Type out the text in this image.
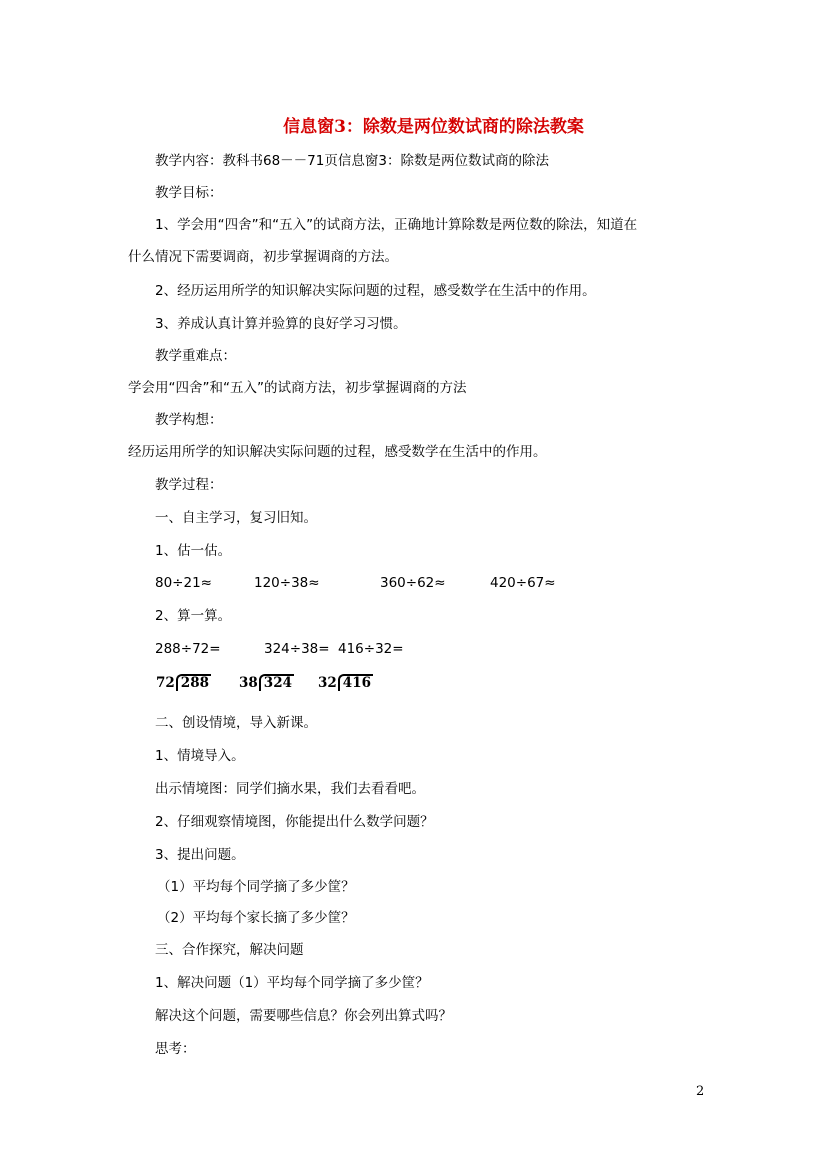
信息窗3：除数是两位数试商的除法教案
教学内容：教科书68－－71页信息窗3：除数是两位数试商的除法
教学目标：
1、学会用“四舍”和“五入”的试商方法，正确地计算除数是两位数的除法，知道在
什么情况下需要调商，初步掌握调商的方法。
2、经历运用所学的知识解决实际问题的过程，感受数学在生活中的作用。
3、养成认真计算并验算的良好学习习惯。
教学重难点：
学会用“四舍”和“五入”的试商方法，初步掌握调商的方法
教学构想：
经历运用所学的知识解决实际问题的过程，感受数学在生活中的作用。
教学过程：
一、自主学习，复习旧知。
1、估一估。
80÷21≈	120÷38≈	360÷62≈	420÷67≈
2、算一算。
288÷72=	324÷38= 416÷32=
72 288 38 324 32 416
二、创设情境，导入新课。
1、情境导入。
出示情境图：同学们摘水果，我们去看看吧。
2、仔细观察情境图，你能提出什么数学问题？
3、提出问题。
（1）平均每个同学摘了多少筐？
（2）平均每个家长摘了多少筐？
三、合作探究，解决问题
1、解决问题（1）平均每个同学摘了多少筐？
解决这个问题，需要哪些信息？你会列出算式吗？
思考：
2
